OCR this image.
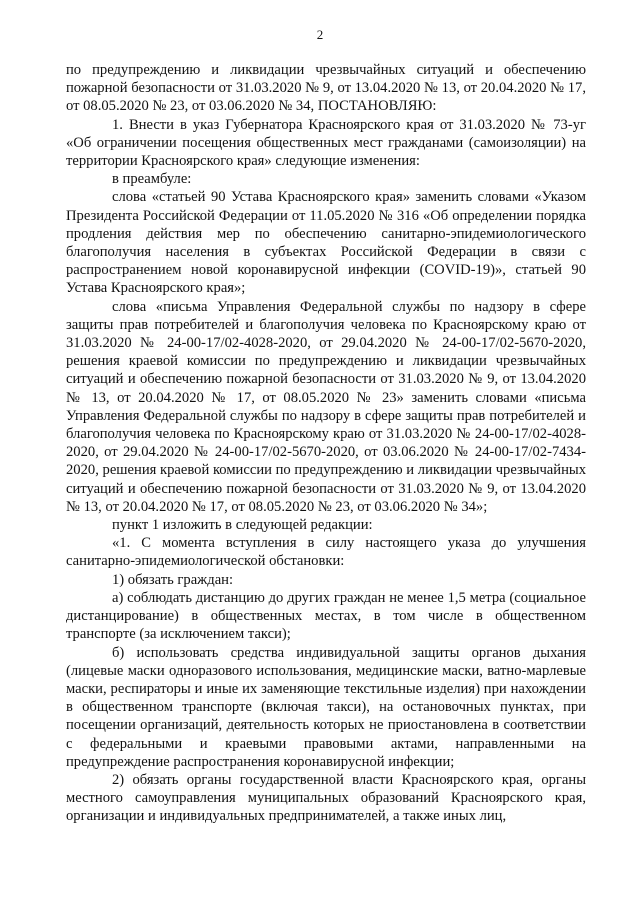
2

по предупреждению и ликвидации чрезвычайных ситуаций и обеспечению пожарной безопасности от 31.03.2020 № 9, от 13.04.2020 № 13, от 20.04.2020 № 17, от 08.05.2020 № 23, от 03.06.2020 № 34, ПОСТАНОВЛЯЮ:

1. Внести в указ Губернатора Красноярского края от 31.03.2020 № 73-уг «Об ограничении посещения общественных мест гражданами (самоизоляции) на территории Красноярского края» следующие изменения:

в преамбуле:

слова «статьей 90 Устава Красноярского края» заменить словами «Указом Президента Российской Федерации от 11.05.2020 № 316 «Об определении порядка продления действия мер по обеспечению санитарно-эпидемиологического благополучия населения в субъектах Российской Федерации в связи с распространением новой коронавирусной инфекции (COVID-19)», статьей 90 Устава Красноярского края»;

слова «письма Управления Федеральной службы по надзору в сфере защиты прав потребителей и благополучия человека по Красноярскому краю от 31.03.2020 № 24-00-17/02-4028-2020, от 29.04.2020 № 24-00-17/02-5670-2020, решения краевой комиссии по предупреждению и ликвидации чрезвычайных ситуаций и обеспечению пожарной безопасности от 31.03.2020 № 9, от 13.04.2020 № 13, от 20.04.2020 № 17, от 08.05.2020 № 23» заменить словами «письма Управления Федеральной службы по надзору в сфере защиты прав потребителей и благополучия человека по Красноярскому краю от 31.03.2020 № 24-00-17/02-4028-2020, от 29.04.2020 № 24-00-17/02-5670-2020, от 03.06.2020 № 24-00-17/02-7434-2020, решения краевой комиссии по предупреждению и ликвидации чрезвычайных ситуаций и обеспечению пожарной безопасности от 31.03.2020 № 9, от 13.04.2020 № 13, от 20.04.2020 № 17, от 08.05.2020 № 23, от 03.06.2020 № 34»;

пункт 1 изложить в следующей редакции:

«1. С момента вступления в силу настоящего указа до улучшения санитарно-эпидемиологической обстановки:

1) обязать граждан:

а) соблюдать дистанцию до других граждан не менее 1,5 метра (социальное дистанцирование) в общественных местах, в том числе в общественном транспорте (за исключением такси);

б) использовать средства индивидуальной защиты органов дыхания (лицевые маски одноразового использования, медицинские маски, ватно-марлевые маски, респираторы и иные их заменяющие текстильные изделия) при нахождении в общественном транспорте (включая такси), на остановочных пунктах, при посещении организаций, деятельность которых не приостановлена в соответствии с федеральными и краевыми правовыми актами, направленными на предупреждение распространения коронавирусной инфекции;

2) обязать органы государственной власти Красноярского края, органы местного самоуправления муниципальных образований Красноярского края, организации и индивидуальных предпринимателей, а также иных лиц,
